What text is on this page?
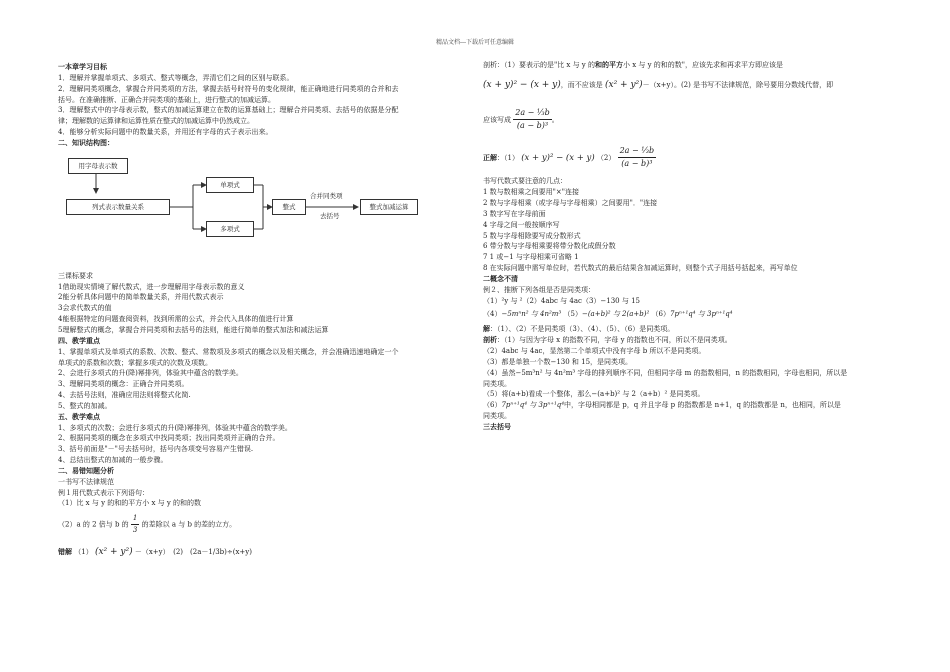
精品文档---下载后可任意编辑
一本章学习目标
1．理解并掌握单项式、多项式、整式等概念，弄清它们之间的区别与联系。
2．理解同类项概念，掌握合并同类项的方法，掌握去括号时符号的变化规律，能正确地进行同类项的合并和去
括号。在准确推断、正确合并同类项的基础上，进行整式的加减运算。
3．理解整式中的字母表示数，整式的加减运算建立在数的运算基础上；理解合并同类项、去括号的依据是分配
律；理解数的运算律和运算性质在整式的加减运算中仍然成立。
4．能够分析实际问题中的数量关系，并用还有字母的式子表示出来。
二、知识结构图：
用字母表示数
列式表示数量关系
单项式
多项式
整式
合并同类项
去括号
整式加减运算
三课标要求
1借助现实情境了解代数式，进一步理解用字母表示数的意义
2能分析具体问题中的简单数量关系，并用代数式表示
3会求代数式的值
4能根据特定的问题查阅资料，找到所需的公式，并会代入具体的值进行计算
5理解整式的概念，掌握合并同类项和去括号的法则，能进行简单的整式加法和减法运算
四、教学重点
1、掌握单项式及单项式的系数、次数、整式、常数项及多项式的概念以及相关概念，并会准确迅速地确定一个
单项式的系数和次数；掌握多项式的次数及项数。
2、会进行多项式的升(降)幂排列，体验其中蕴含的数学美。
3、理解同类项的概念：正确合并同类项。
4、去括号法则，准确应用法则将整式化简.
5、整式的加减。
五、教学难点
1、多项式的次数；会进行多项式的升(降)幂排列，体验其中蕴含的数学美。
2、根据同类项的概念在多项式中找同类项；找出同类项并正确的合并。
3、括号前面是"－"号去括号时，括号内各项变号容易产生错误.
4、总结出整式的加减的一般步骤。
二、易错知题分析
一书写不法律规范
例１用代数式表示下列语句：
（1）比 x 与 y 的和的平方小 x 与 y 的和的数
（2）a 的 2 倍与 b 的 $\frac{1}{3}$ 的差除以 a 与 b 的差的立方。
错解 （1） (x² + y²) －（x+y）　(2)　(2a－1/3b)÷(x+y)
剖析：（1）要表示的是"比 x 与 y 的和的平方小 x 与 y 的和的数"，应该先求和再求平方即应该是
(x + y)² − (x + y)，而不应该是 (x² + y²)－（x+y）。(2) 是书写不法律规范，除号要用分数线代替，即
应该写成 $\frac{\text{2a − ⅓b}}{\text{(a − b)³}}$ 。
正解：（1） (x + y)² − (x + y) $(2) \frac{\text{2a − ⅓b}}{\text{(a − b)³}}$
书写代数式要注意的几点：
1 数与数相乘之间要用"×"连接
2 数与字母相乘（或字母与字母相乘）之间要用"．"连接
3 数字写在字母前面
4 字母之间一般按顺序写
5 数与字母相除要写成分数形式
6 带分数与字母相乘要将带分数化成假分数
7 1 或−1 与字母相乘可省略 1
8 在实际问题中需写单位时，若代数式的最后结果含加减运算时，则整个式子用括号括起来，再写单位
二概念不清
例２、推断下列各组是否是同类项：
（1）²y 与 ²（2）4abc 与 4ac（3）−130 与 15
（4）−5mⁿn² 与 4n²m³ （5）−(a+b)² 与 2(a+b)² （6）7pⁿ⁺¹q⁴ 与 3pⁿ⁺¹q⁴
解：（1）、（2）不是同类项（3）、（4）、（5）、（6）是同类项。
剖析：（1）与因为字母 x 的指数不同，字母 y 的指数也不同，所以不是同类项。
（2）4abc 与 4ac，显然第二个单项式中没有字母 b 所以不是同类项。
（3）都是单独一个数−130 和 15，是同类项。
（4）虽然−5m³n² 与 4n²m³ 字母的排列顺序不同，但相同字母 m 的指数相同，n 的指数相同，字母也相同，所以是
同类项。
（5）将(a+b)看成一个整体，那么−(a+b)² 与 2（a+b）² 是同类项。
（6）7pⁿ⁺¹q⁴ 与 3pⁿ⁺¹q⁴中，字母相同都是 p，q 并且字母 p 的指数都是 n+1，q 的指数都是 n，也相同，所以是
同类项。
三去括号
